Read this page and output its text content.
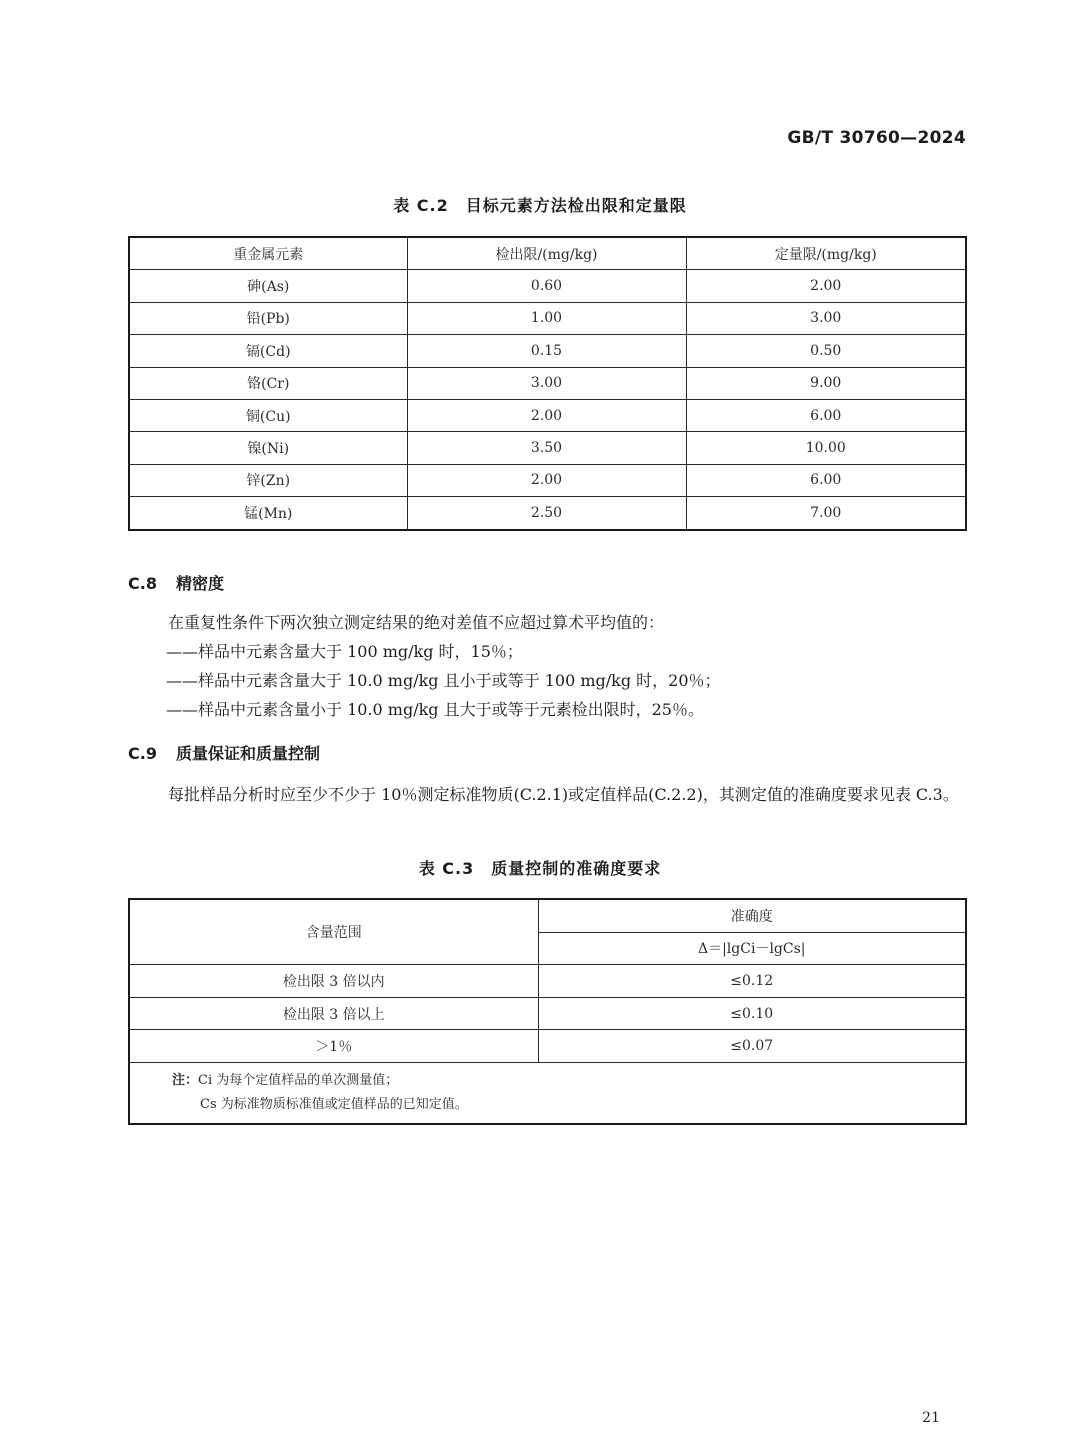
GB/T 30760—2024
表 C.2　目标元素方法检出限和定量限
重金属元素	检出限/(mg/kg)	定量限/(mg/kg)
砷(As)	0.60	2.00
铅(Pb)	1.00	3.00
镉(Cd)	0.15	0.50
铬(Cr)	3.00	9.00
铜(Cu)	2.00	6.00
镍(Ni)	3.50	10.00
锌(Zn)	2.00	6.00
锰(Mn)	2.50	7.00
C.8 精密度

在重复性条件下两次独立测定结果的绝对差值不应超过算术平均值的：

——样品中元素含量大于 100 mg/kg 时，15％；

——样品中元素含量大于 10.0 mg/kg 且小于或等于 100 mg/kg 时，20％；

——样品中元素含量小于 10.0 mg/kg 且大于或等于元素检出限时，25％。

C.9 质量保证和质量控制

每批样品分析时应至少不少于 10％测定标准物质(C.2.1)或定值样品(C.2.2)，其测定值的准确度要求见表 C.3。

表 C.3　质量控制的准确度要求
含量范围	准确度
	Δ＝|lgCi－lgCs|
检出限 3 倍以内	≤0.12
检出限 3 倍以上	≤0.10
＞1％	≤0.07

注：Ci 为每个定值样品的单次测量值；
Cs 为标准物质标准值或定值样品的已知定值。	
21
